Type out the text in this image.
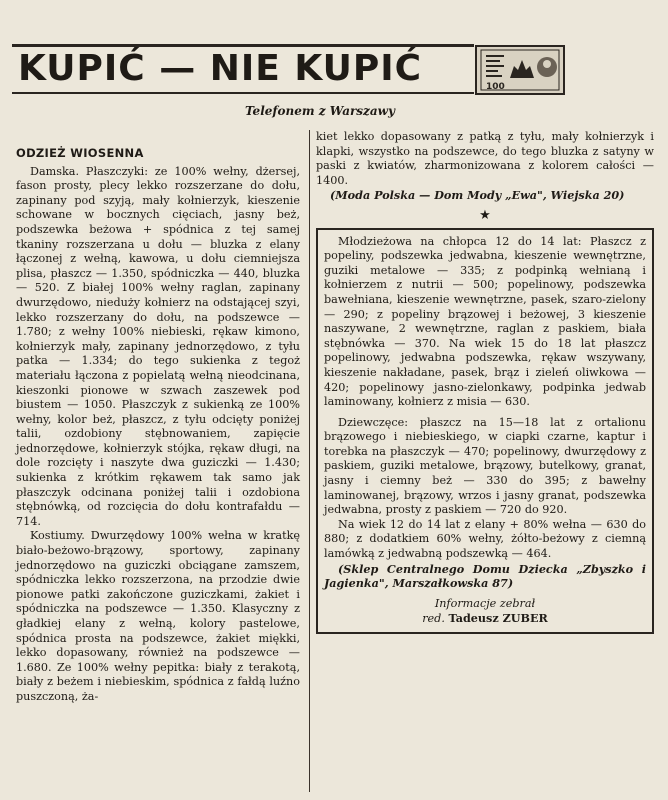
KUPIĆ — NIE KUPIĆ	100
Telefonem z Warszawy

ODZIEŻ WIOSENNA

Damska. Płaszczyki: ze 100% wełny, dżersej, fason prosty, plecy lekko rozszerzane do dołu, zapinany pod szyją, mały kołnierzyk, kieszenie schowane w bocznych cięciach, jasny beż, podszewka beżowa + spódnica z tej samej tkaniny rozszerzana u dołu — bluzka z elany łączonej z wełną, kawowa, u dołu ciemniejsza plisa, płaszcz — 1.350, spódniczka — 440, bluzka — 520. Z białej 100% wełny raglan, zapinany dwurzędowo, nieduży kołnierz na odstającej szyi, lekko rozszerzany do dołu, na podszewce — 1.780; z wełny 100% niebieski, rękaw kimono, kołnierzyk mały, zapinany jednorzędowo, z tyłu patka — 1.334; do tego sukienka z tegoż materiału łączona z popielatą wełną nieodcinana, kieszonki pionowe w szwach zaszewek pod biustem — 1050. Płaszczyk z sukienką ze 100% wełny, kolor beż, płaszcz, z tyłu odcięty poniżej talii, ozdobiony stębnowaniem, zapięcie jednorzędowe, kołnierzyk stójka, rękaw długi, na dole rozcięty i naszyte dwa guziczki — 1.430; sukienka z krótkim rękawem tak samo jak płaszczyk odcinana poniżej talii i ozdobiona stębnówką, od rozcięcia do dołu kontrafałdu — 714.

Kostiumy. Dwurzędowy 100% wełna w kratkę biało-beżowo-brązowy, sportowy, zapinany jednorzędowo na guziczki obciągane zamszem, spódniczka lekko rozszerzona, na przodzie dwie pionowe patki zakończone guziczkami, żakiet i spódniczka na podszewce — 1.350. Klasyczny z gładkiej elany z wełną, kolory pastelowe, spódnica prosta na podszewce, żakiet miękki, lekko dopasowany, również na podszewce — 1.680. Ze 100% wełny pepitka: biały z terakotą, biały z beżem i niebieskim, spódnica z fałdą luźno puszczoną, ża-

kiet lekko dopasowany z patką z tyłu, mały kołnierzyk i klapki, wszystko na podszewce, do tego bluzka z satyny w paski z kwiatów, zharmonizowana z kolorem całości — 1400.

(Moda Polska — Dom Mody „Ewa", Wiejska 20)

★

Młodzieżowa na chłopca 12 do 14 lat: Płaszcz z popeliny, podszewka jedwabna, kieszenie wewnętrzne, guziki metalowe — 335; z podpinką wełnianą i kołnierzem z nutrii — 500; popelinowy, podszewka bawełniana, kieszenie wewnętrzne, pasek, szaro-zielony — 290; z popeliny brązowej i beżowej, 3 kieszenie naszywane, 2 wewnętrzne, raglan z paskiem, biała stębnówka — 370. Na wiek 15 do 18 lat płaszcz popelinowy, jedwabna podszewka, rękaw wszywany, kieszenie nakładane, pasek, brąz i zieleń oliwkowa — 420; popelinowy jasno-zielonkawy, podpinka jedwab laminowany, kołnierz z misia — 630.

Dziewczęce: płaszcz na 15—18 lat z ortalionu brązowego i niebieskiego, w ciapki czarne, kaptur i torebka na płaszczyk — 470; popelinowy, dwurzędowy z paskiem, guziki metalowe, brązowy, butelkowy, granat, jasny i ciemny beż — 330 do 395; z bawełny laminowanej, brązowy, wrzos i jasny granat, podszewka jedwabna, prosty z paskiem — 720 do 920.

Na wiek 12 do 14 lat z elany + 80% wełna — 630 do 880; z dodatkiem 60% wełny, żółto-beżowy z ciemną lamówką z jedwabną podszewką — 464.

(Sklep Centralnego Domu Dziecka „Zbyszko i Jagienka", Marszałkowska 87)

Informacje zebrał

red. Tadeusz ZUBER
